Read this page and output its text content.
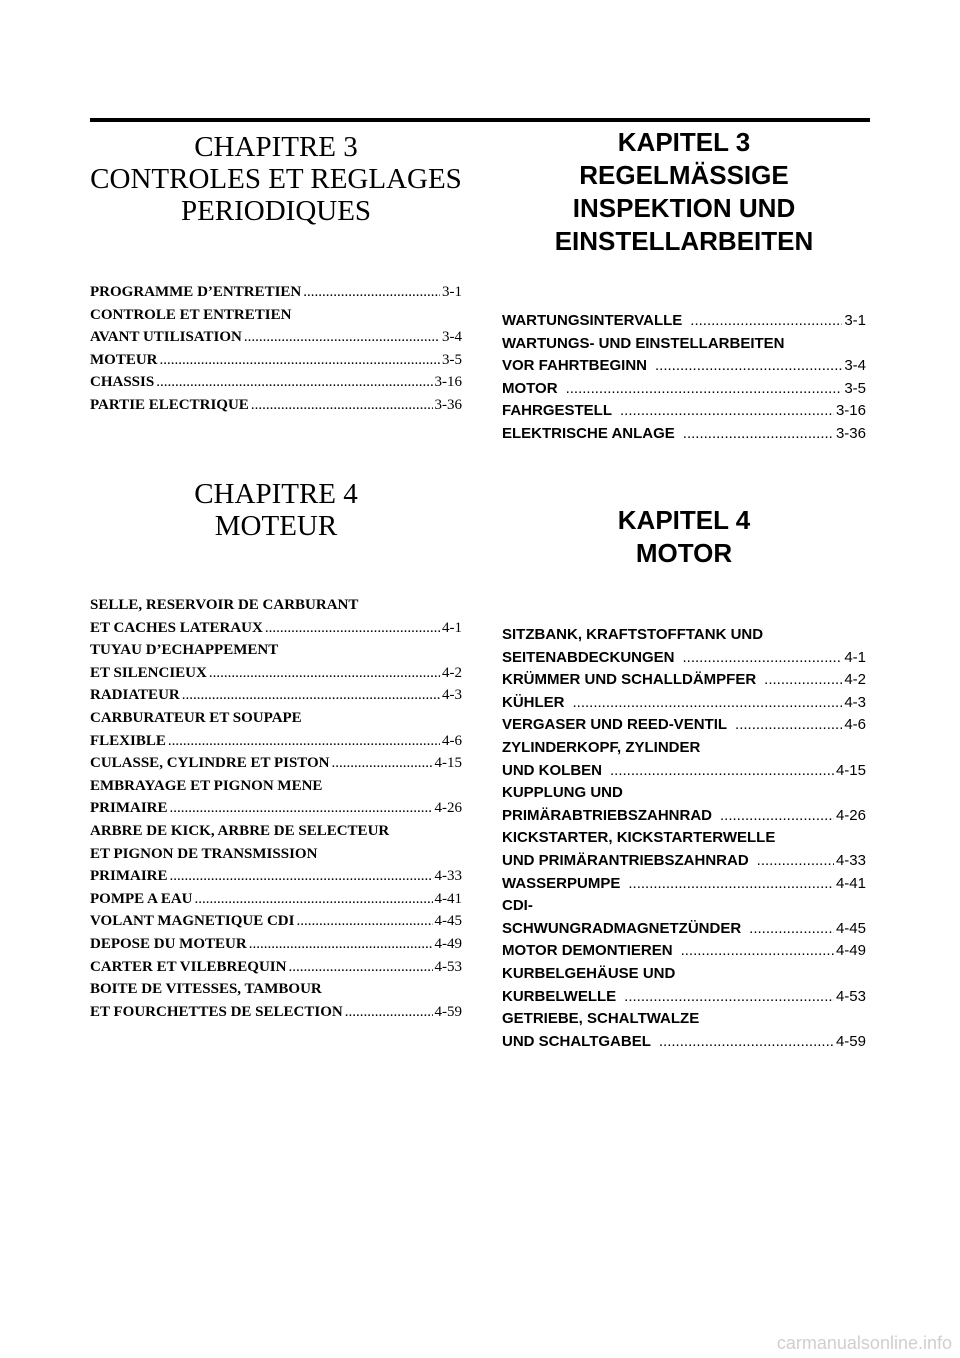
CHAPITRE 3
CONTROLES ET REGLAGES
PERIODIQUES
PROGRAMME D’ENTRETIEN .....	3-1
CONTROLE ET ENTRETIEN
AVANT UTILISATION .....	3-4
MOTEUR .....	3-5
CHASSIS .....	3-16
PARTIE ELECTRIQUE .....	3-36
CHAPITRE 4
MOTEUR
SELLE, RESERVOIR DE CARBURANT
ET CACHES LATERAUX .....	4-1
TUYAU D’ECHAPPEMENT
ET SILENCIEUX .....	4-2
RADIATEUR .....	4-3
CARBURATEUR ET SOUPAPE
FLEXIBLE .....	4-6
CULASSE, CYLINDRE ET PISTON .....	4-15
EMBRAYAGE ET PIGNON MENE
PRIMAIRE .....	4-26
ARBRE DE KICK, ARBRE DE SELECTEUR
ET PIGNON DE TRANSMISSION
PRIMAIRE .....	4-33
POMPE A EAU .....	4-41
VOLANT MAGNETIQUE CDI .....	4-45
DEPOSE DU MOTEUR .....	4-49
CARTER ET VILEBREQUIN .....	4-53
BOITE DE VITESSES, TAMBOUR
ET FOURCHETTES DE SELECTION .....	4-59
KAPITEL 3
REGELMÄSSIGE
INSPEKTION UND
EINSTELLARBEITEN
WARTUNGSINTERVALLE .....	3-1
WARTUNGS- UND EINSTELLARBEITEN
VOR FAHRTBEGINN .....	3-4
MOTOR .....	3-5
FAHRGESTELL .....	3-16
ELEKTRISCHE ANLAGE .....	3-36
KAPITEL 4
MOTOR
SITZBANK, KRAFTSTOFFTANK UND
SEITENABDECKUNGEN .....	4-1
KRÜMMER UND SCHALLDÄMPFER .....	4-2
KÜHLER .....	4-3
VERGASER UND REED-VENTIL .....	4-6
ZYLINDERKOPF, ZYLINDER
UND KOLBEN .....	4-15
KUPPLUNG UND
PRIMÄRABTRIEBSZAHNRAD .....	4-26
KICKSTARTER, KICKSTARTERWELLE
UND PRIMÄRANTRIEBSZAHNRAD .....	4-33
WASSERPUMPE .....	4-41
CDI-
SCHWUNGRADMAGNETZÜNDER .....	4-45
MOTOR DEMONTIEREN .....	4-49
KURBELGEHÄUSE UND
KURBELWELLE .....	4-53
GETRIEBE, SCHALTWALZE
UND SCHALTGABEL .....	4-59
carmanualsonline.info
